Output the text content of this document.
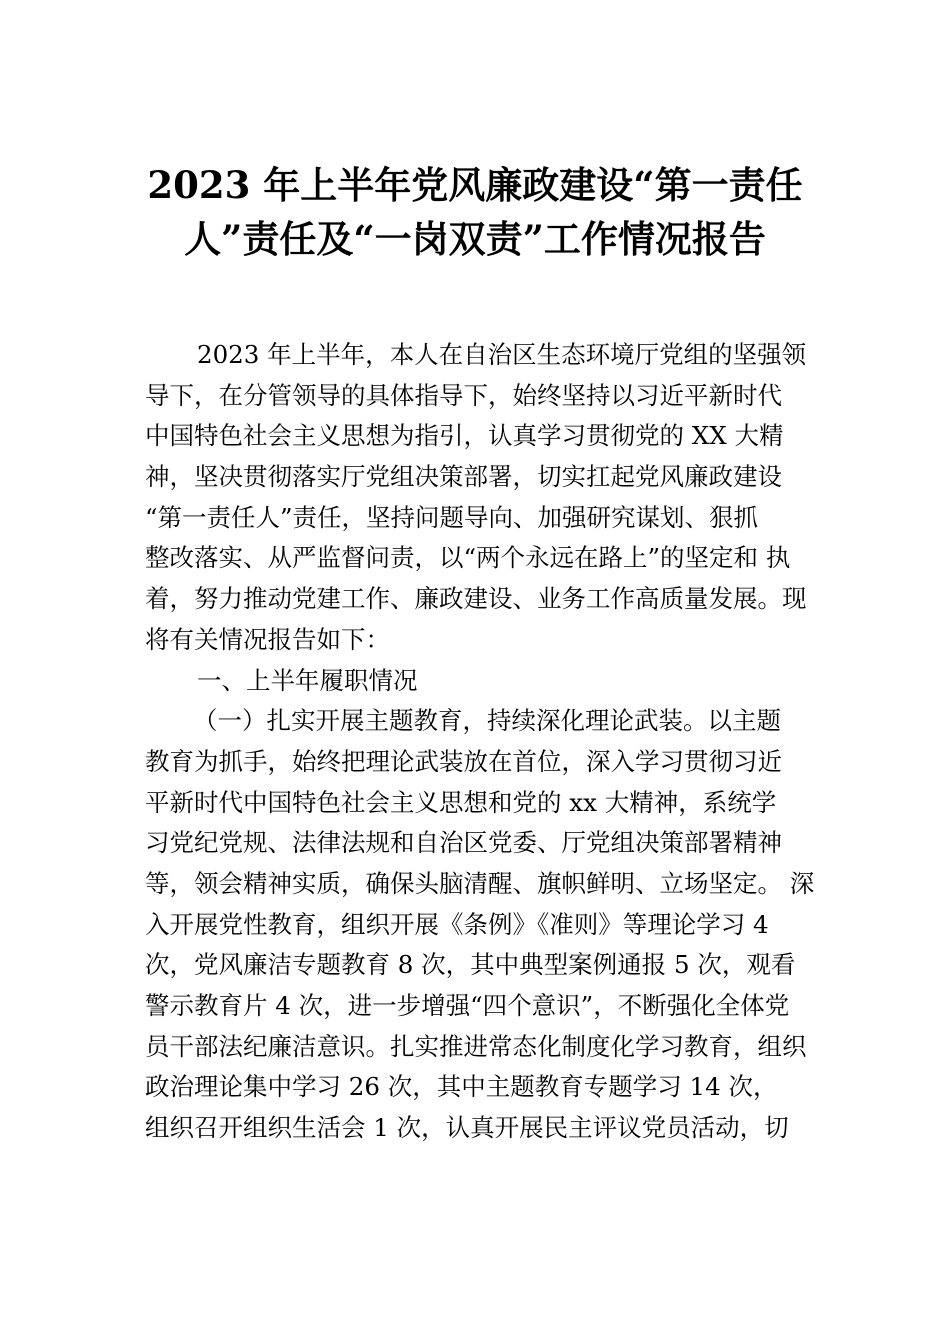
2023 年上半年党风廉政建设“第一责任
人”责任及“一岗双责”工作情况报告
2023 年上半年，本人在自治区生态环境厅党组的坚强领
导下，在分管领导的具体指导下，始终坚持以习近平新时代
中国特色社会主义思想为指引，认真学习贯彻党的 XX 大精
神，坚决贯彻落实厅党组决策部署，切实扛起党风廉政建设
“第一责任人”责任，坚持问题导向、加强研究谋划、狠抓
整改落实、从严监督问责，以“两个永远在路上”的坚定和 执
着，努力推动党建工作、廉政建设、业务工作高质量发展。现
将有关情况报告如下：
一、上半年履职情况
（一）扎实开展主题教育，持续深化理论武装。以主题
教育为抓手，始终把理论武装放在首位，深入学习贯彻习近
平新时代中国特色社会主义思想和党的 xx 大精神，系统学
习党纪党规、法律法规和自治区党委、厅党组决策部署精神
等，领会精神实质，确保头脑清醒、旗帜鲜明、立场坚定。 深
入开展党性教育，组织开展《条例》《准则》等理论学习 4
次，党风廉洁专题教育 8 次，其中典型案例通报 5 次，观看
警示教育片 4 次，进一步增强“四个意识”，不断强化全体党
员干部法纪廉洁意识。扎实推进常态化制度化学习教育，组织
政治理论集中学习 26 次，其中主题教育专题学习 14 次，
组织召开组织生活会 1 次，认真开展民主评议党员活动，切
